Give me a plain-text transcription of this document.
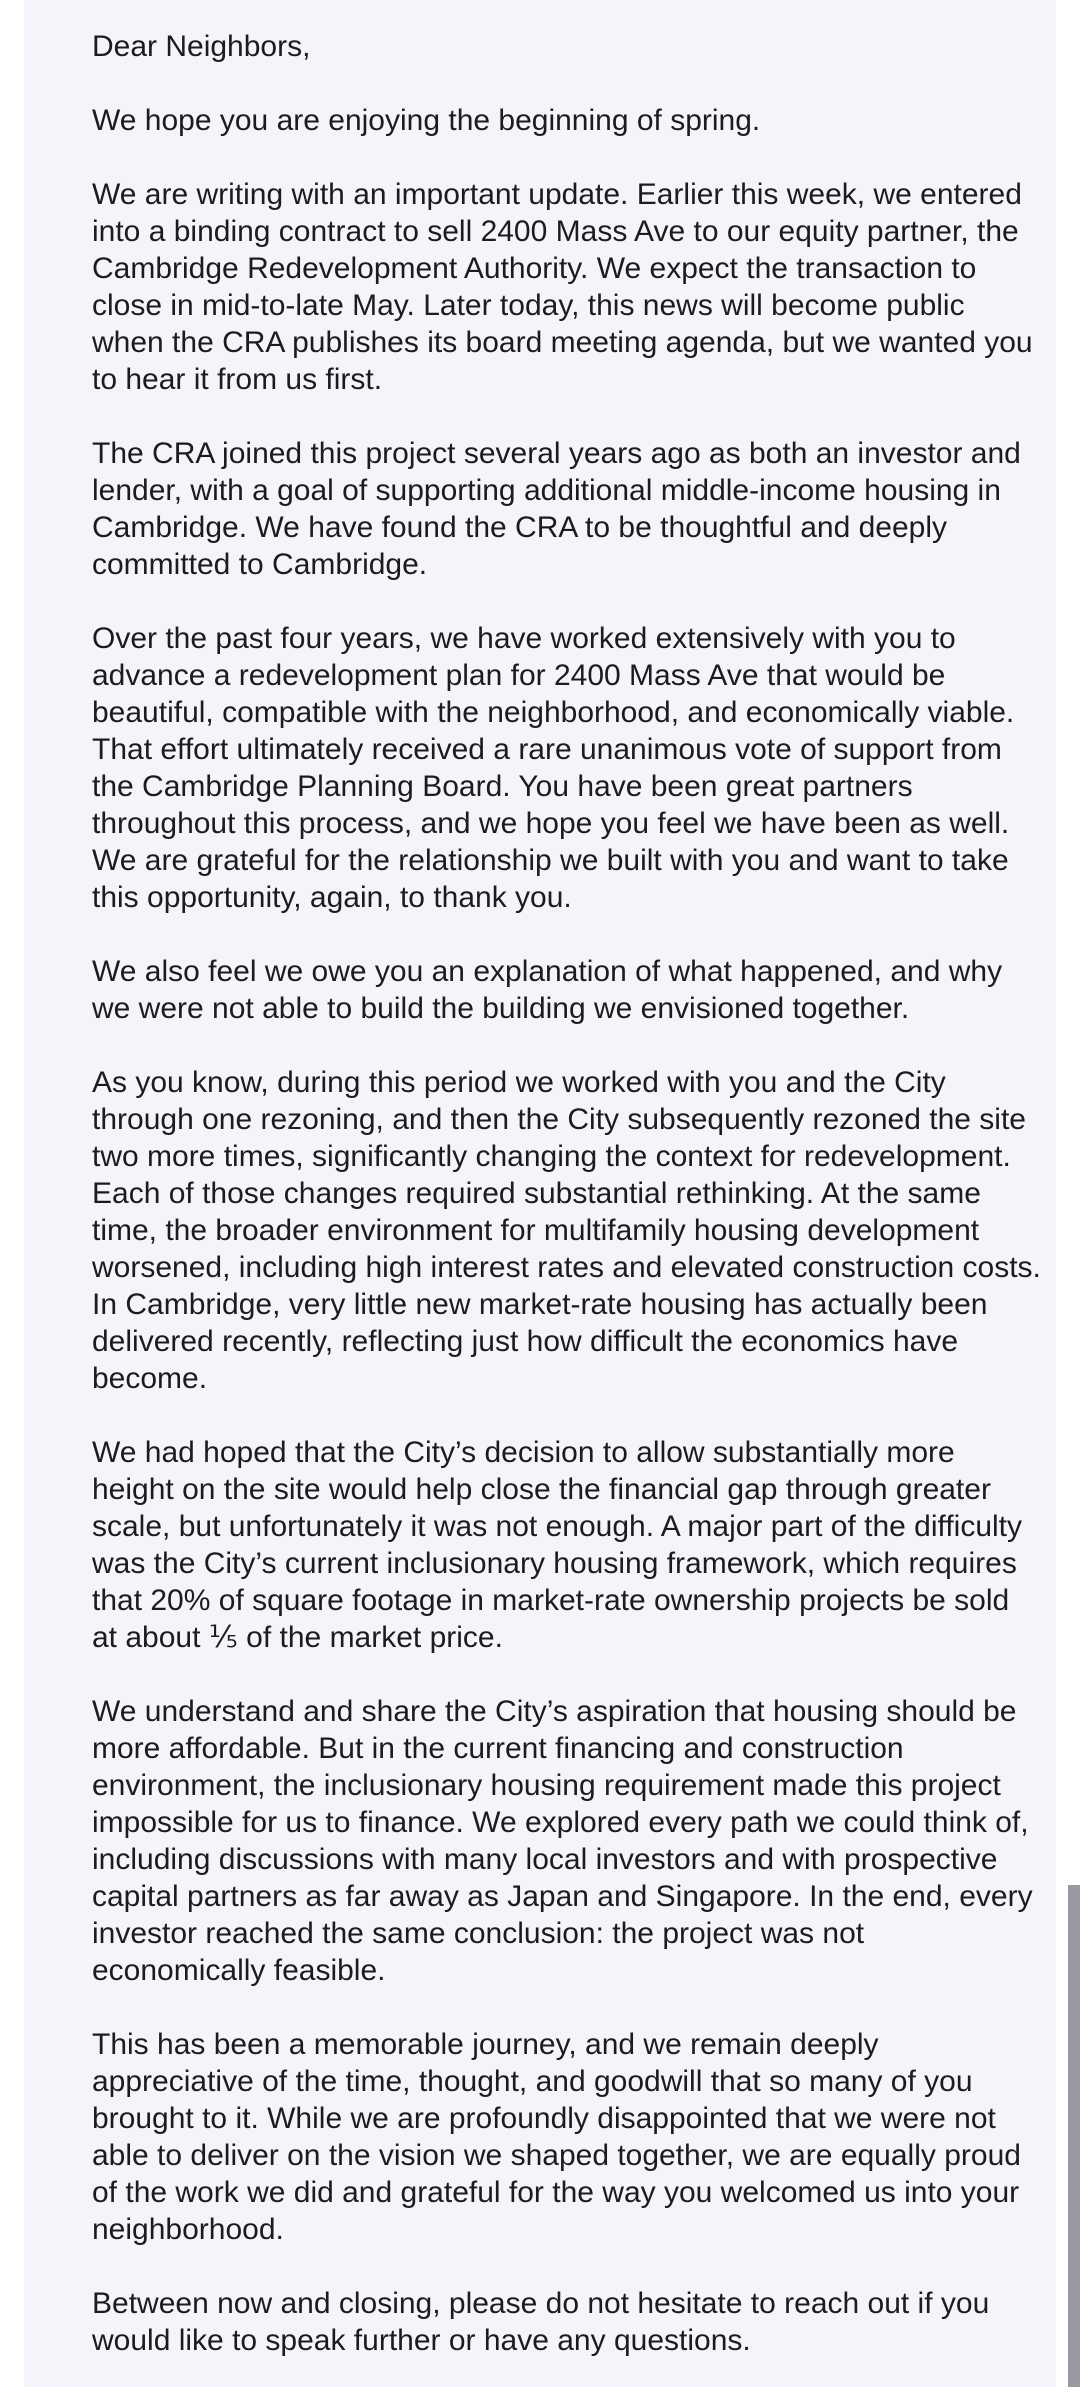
Dear Neighbors,

We hope you are enjoying the beginning of spring.

We are writing with an important update. Earlier this week, we entered into a binding contract to sell 2400 Mass Ave to our equity partner, the Cambridge Redevelopment Authority. We expect the transaction to close in mid-to-late May. Later today, this news will become public when the CRA publishes its board meeting agenda, but we wanted you to hear it from us first.

The CRA joined this project several years ago as both an investor and lender, with a goal of supporting additional middle-income housing in Cambridge. We have found the CRA to be thoughtful and deeply committed to Cambridge.

Over the past four years, we have worked extensively with you to advance a redevelopment plan for 2400 Mass Ave that would be beautiful, compatible with the neighborhood, and economically viable. That effort ultimately received a rare unanimous vote of support from the Cambridge Planning Board. You have been great partners throughout this process, and we hope you feel we have been as well. We are grateful for the relationship we built with you and want to take this opportunity, again, to thank you.

We also feel we owe you an explanation of what happened, and why we were not able to build the building we envisioned together.

As you know, during this period we worked with you and the City through one rezoning, and then the City subsequently rezoned the site two more times, significantly changing the context for redevelopment. Each of those changes required substantial rethinking. At the same time, the broader environment for multifamily housing development worsened, including high interest rates and elevated construction costs. In Cambridge, very little new market-rate housing has actually been delivered recently, reflecting just how difficult the economics have become.

We had hoped that the City’s decision to allow substantially more height on the site would help close the financial gap through greater scale, but unfortunately it was not enough. A major part of the difficulty was the City’s current inclusionary housing framework, which requires that 20% of square footage in market-rate ownership projects be sold at about ⅕ of the market price.

We understand and share the City’s aspiration that housing should be more affordable. But in the current financing and construction environment, the inclusionary housing requirement made this project impossible for us to finance. We explored every path we could think of, including discussions with many local investors and with prospective capital partners as far away as Japan and Singapore. In the end, every investor reached the same conclusion: the project was not economically feasible.

This has been a memorable journey, and we remain deeply appreciative of the time, thought, and goodwill that so many of you brought to it. While we are profoundly disappointed that we were not able to deliver on the vision we shaped together, we are equally proud of the work we did and grateful for the way you welcomed us into your neighborhood.

Between now and closing, please do not hesitate to reach out if you would like to speak further or have any questions.
